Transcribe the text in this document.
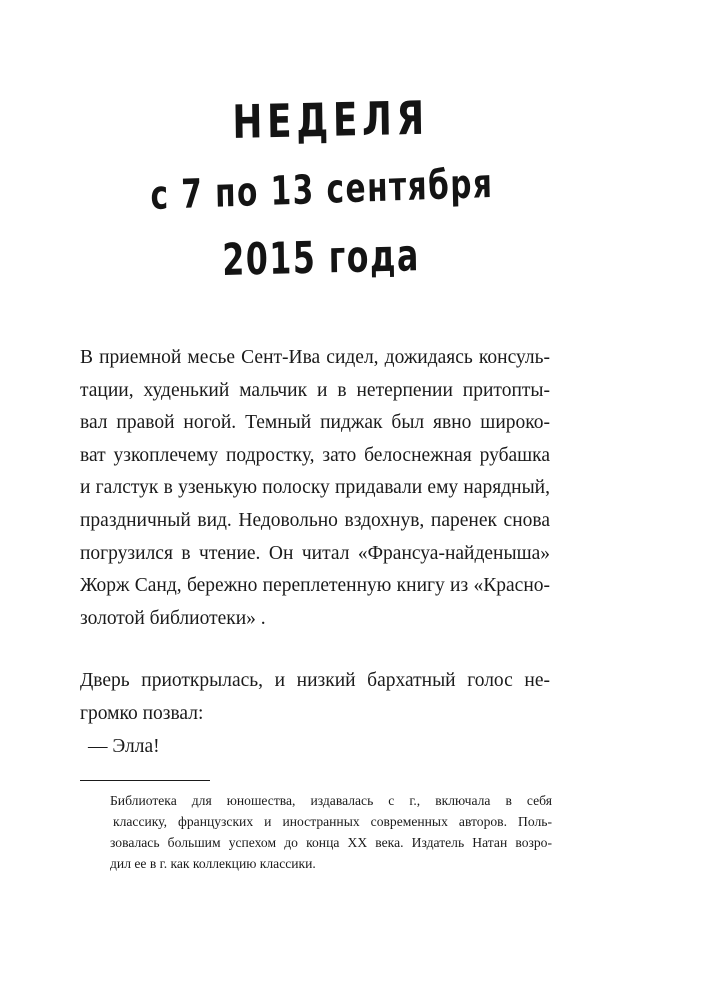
НЕДЕЛЯ
с 7 по 13 сентября
2015 года
В приемной месье Сент-Ива сидел, дожидаясь консуль-
тации, худенький мальчик и в нетерпении притопты-
вал правой ногой. Темный пиджак был явно широко-
ват узкоплечему подростку, зато белоснежная рубашка
и галстук в узенькую полоску придавали ему нарядный,
праздничный вид. Недовольно вздохнув, паренек снова
погрузился в чтение. Он читал «Франсуа-найденыша»
Жорж Санд, бережно переплетенную книгу из «Красно-
золотой библиотеки» .
Дверь приоткрылась, и низкий бархатный голос не-
громко позвал:
— Элла!
Библиотека для юношества, издавалась с г., включала в себя
классику, французских и иностранных современных авторов. Поль-
зовалась большим успехом до конца XX века. Издатель Натан возро-
дил ее в г. как коллекцию классики.
